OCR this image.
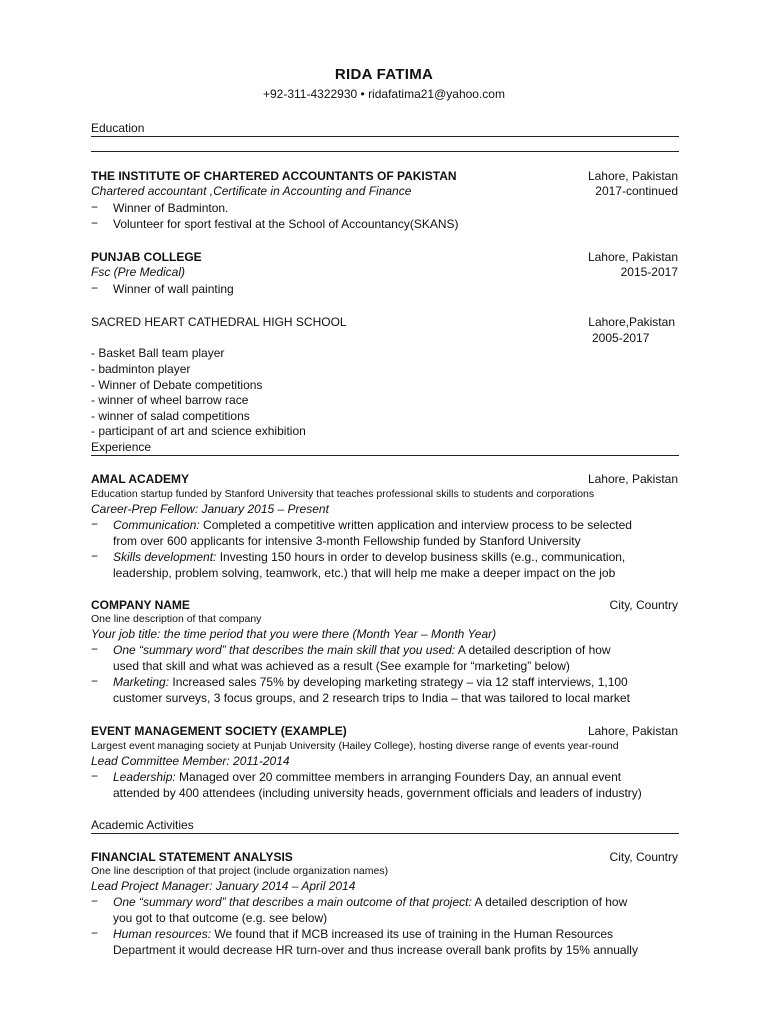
RIDA FATIMA
+92-311-4322930 • ridafatima21@yahoo.com
Education
THE INSTITUTE OF CHARTERED ACCOUNTANTS OF PAKISTAN	Lahore, Pakistan
Chartered accountant ,Certificate in Accounting and Finance	2017-continued
− Winner of Badminton.
− Volunteer for sport festival at the School of Accountancy(SKANS)
PUNJAB COLLEGE	Lahore, Pakistan
Fsc (Pre Medical)	2015-2017
− Winner of wall painting
SACRED HEART CATHEDRAL HIGH SCHOOL	Lahore,Pakistan
2005-2017
- Basket Ball team player
- badminton player
- Winner of Debate competitions
- winner of wheel barrow race
- winner of salad competitions
- participant of art and science exhibition
Experience
AMAL ACADEMY	Lahore, Pakistan
Education startup funded by Stanford University that teaches professional skills to students and corporations
Career-Prep Fellow: January 2015 – Present
− Communication: Completed a competitive written application and interview process to be selected
from over 600 applicants for intensive 3-month Fellowship funded by Stanford University
− Skills development: Investing 150 hours in order to develop business skills (e.g., communication,
leadership, problem solving, teamwork, etc.) that will help me make a deeper impact on the job
COMPANY NAME	City, Country
One line description of that company
Your job title: the time period that you were there (Month Year – Month Year)
− One “summary word” that describes the main skill that you used: A detailed description of how
used that skill and what was achieved as a result (See example for “marketing” below)
− Marketing: Increased sales 75% by developing marketing strategy – via 12 staff interviews, 1,100
customer surveys, 3 focus groups, and 2 research trips to India – that was tailored to local market
EVENT MANAGEMENT SOCIETY (EXAMPLE)	Lahore, Pakistan
Largest event managing society at Punjab University (Hailey College), hosting diverse range of events year-round
Lead Committee Member: 2011-2014
− Leadership: Managed over 20 committee members in arranging Founders Day, an annual event
attended by 400 attendees (including university heads, government officials and leaders of industry)
Academic Activities
FINANCIAL STATEMENT ANALYSIS	City, Country
One line description of that project (include organization names)
Lead Project Manager: January 2014 – April 2014
− One “summary word” that describes a main outcome of that project: A detailed description of how
you got to that outcome (e.g. see below)
− Human resources: We found that if MCB increased its use of training in the Human Resources
Department it would decrease HR turn-over and thus increase overall bank profits by 15% annually
